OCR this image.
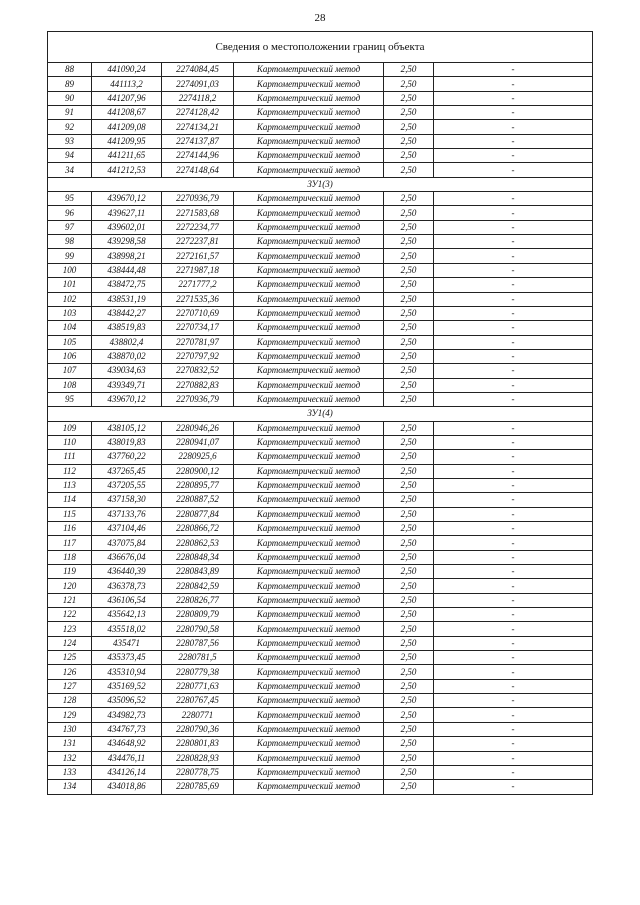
28
Сведения о местоположении границ объекта					
88	441090,24	2274084,45	Картометрический метод	2,50	-
89	441113,2	2274091,03	Картометрический метод	2,50	-
90	441207,96	2274118,2	Картометрический метод	2,50	-
91	441208,67	2274128,42	Картометрический метод	2,50	-
92	441209,08	2274134,21	Картометрический метод	2,50	-
93	441209,95	2274137,87	Картометрический метод	2,50	-
94	441211,65	2274144,96	Картометрический метод	2,50	-
34	441212,53	2274148,64	Картометрический метод	2,50	-
ЗУ1(3)					
95	439670,12	2270936,79	Картометрический метод	2,50	-
96	439627,11	2271583,68	Картометрический метод	2,50	-
97	439602,01	2272234,77	Картометрический метод	2,50	-
98	439298,58	2272237,81	Картометрический метод	2,50	-
99	438998,21	2272161,57	Картометрический метод	2,50	-
100	438444,48	2271987,18	Картометрический метод	2,50	-
101	438472,75	2271777,2	Картометрический метод	2,50	-
102	438531,19	2271535,36	Картометрический метод	2,50	-
103	438442,27	2270710,69	Картометрический метод	2,50	-
104	438519,83	2270734,17	Картометрический метод	2,50	-
105	438802,4	2270781,97	Картометрический метод	2,50	-
106	438870,02	2270797,92	Картометрический метод	2,50	-
107	439034,63	2270832,52	Картометрический метод	2,50	-
108	439349,71	2270882,83	Картометрический метод	2,50	-
95	439670,12	2270936,79	Картометрический метод	2,50	-
ЗУ1(4)					
109	438105,12	2280946,26	Картометрический метод	2,50	-
110	438019,83	2280941,07	Картометрический метод	2,50	-
111	437760,22	2280925,6	Картометрический метод	2,50	-
112	437265,45	2280900,12	Картометрический метод	2,50	-
113	437205,55	2280895,77	Картометрический метод	2,50	-
114	437158,30	2280887,52	Картометрический метод	2,50	-
115	437133,76	2280877,84	Картометрический метод	2,50	-
116	437104,46	2280866,72	Картометрический метод	2,50	-
117	437075,84	2280862,53	Картометрический метод	2,50	-
118	436676,04	2280848,34	Картометрический метод	2,50	-
119	436440,39	2280843,89	Картометрический метод	2,50	-
120	436378,73	2280842,59	Картометрический метод	2,50	-
121	436106,54	2280826,77	Картометрический метод	2,50	-
122	435642,13	2280809,79	Картометрический метод	2,50	-
123	435518,02	2280790,58	Картометрический метод	2,50	-
124	435471	2280787,56	Картометрический метод	2,50	-
125	435373,45	2280781,5	Картометрический метод	2,50	-
126	435310,94	2280779,38	Картометрический метод	2,50	-
127	435169,52	2280771,63	Картометрический метод	2,50	-
128	435096,52	2280767,45	Картометрический метод	2,50	-
129	434982,73	2280771	Картометрический метод	2,50	-
130	434767,73	2280790,36	Картометрический метод	2,50	-
131	434648,92	2280801,83	Картометрический метод	2,50	-
132	434476,11	2280828,93	Картометрический метод	2,50	-
133	434126,14	2280778,75	Картометрический метод	2,50	-
134	434018,86	2280785,69	Картометрический метод	2,50	-
